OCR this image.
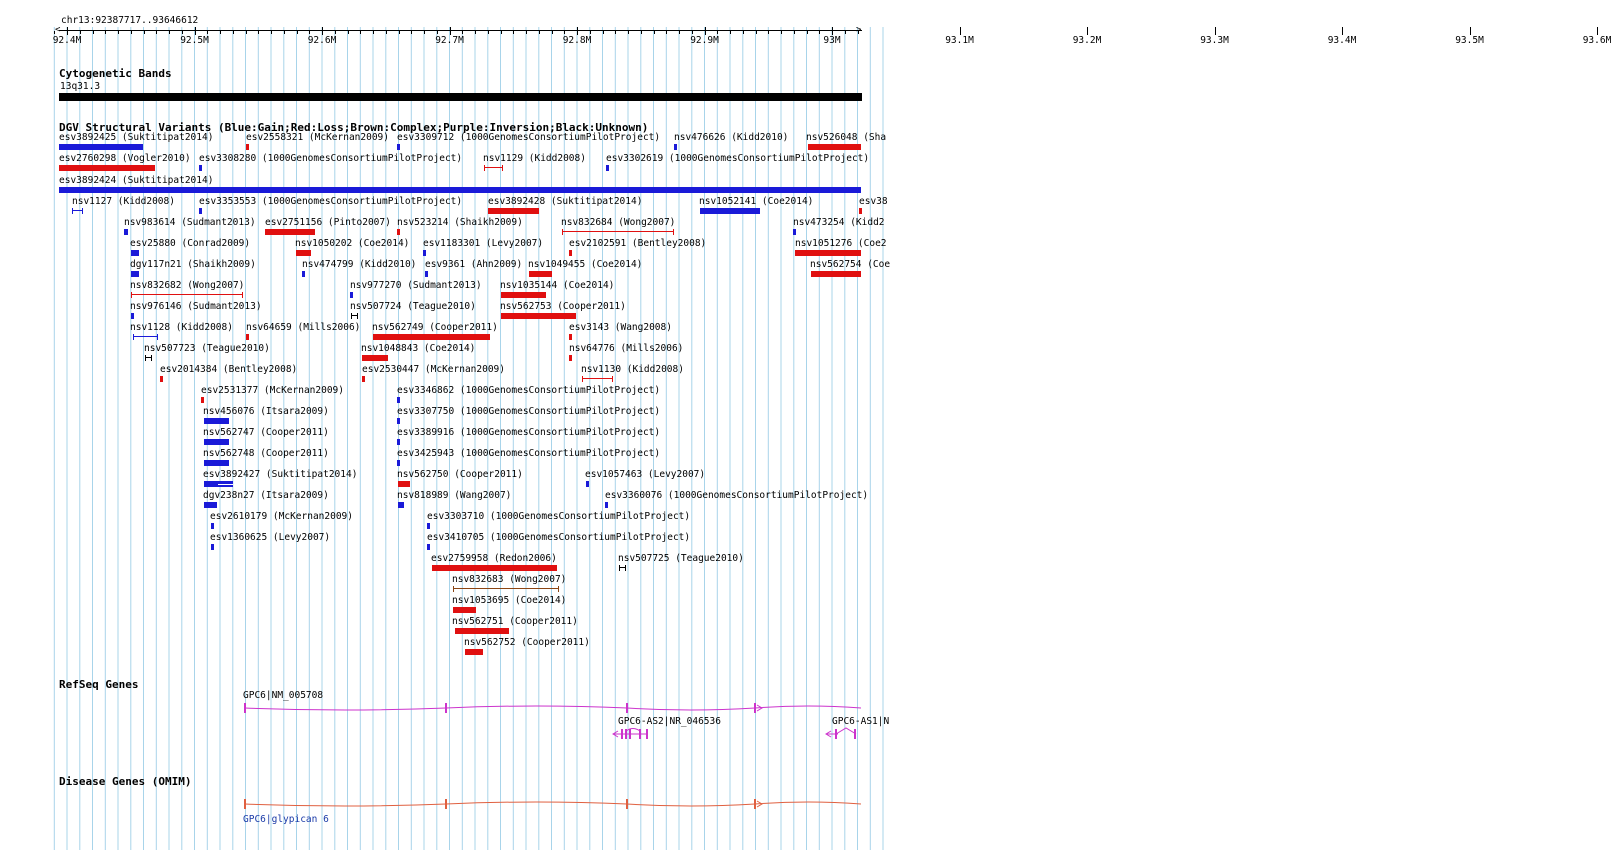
chr13:92387717..93646612
92.4M	92.5M	92.6M	92.7M	92.8M	92.9M	93M	93.1M	93.2M	93.3M	93.4M	93.5M	93.6M
<	>
Cytogenetic Bands
13q31.3
DGV Structural Variants (Blue:Gain;Red:Loss;Brown:Complex;Purple:Inversion;Black:Unknown)
esv3892425 (Suktitipat2014)	esv2558321 (McKernan2009) esv3309712 (1000GenomesConsortiumPilotProject) nsv476626 (Kidd2010) nsv526048 (Sha
esv2760298 (Vogler2010) esv3308280 (1000GenomesConsortiumPilotProject) nsv1129 (Kidd2008) esv3302619 (1000GenomesConsortiumPilotProject)
esv3892424 (Suktitipat2014)
nsv1127 (Kidd2008)	esv3353553 (1000GenomesConsortiumPilotProject)	esv3892428 (Suktitipat2014)	nsv1052141 (Coe2014)	esv38
nsv983614 (Sudmant2013) esv2751156 (Pinto2007) nsv523214 (Shaikh2009)	nsv832684 (Wong2007)	nsv473254 (Kidd2
esv25880 (Conrad2009)	nsv1050202 (Coe2014) esv1183301 (Levy2007)	esv2102591 (Bentley2008)	nsv1051276 (Coe2
dgv117n21 (Shaikh2009)	nsv474799 (Kidd2010) esv9361 (Ahn2009) nsv1049455 (Coe2014)	nsv562754 (Coe
nsv832682 (Wong2007)	nsv977270 (Sudmant2013) nsv1035144 (Coe2014)
nsv976146 (Sudmant2013)	nsv507724 (Teague2010)	nsv562753 (Cooper2011)
nsv1128 (Kidd2008) nsv64659 (Mills2006) nsv562749 (Cooper2011)	esv3143 (Wang2008)
nsv507723 (Teague2010)	nsv1048843 (Coe2014)	nsv64776 (Mills2006)
esv2014384 (Bentley2008)	esv2530447 (McKernan2009)	nsv1130 (Kidd2008)
esv2531377 (McKernan2009)	esv3346862 (1000GenomesConsortiumPilotProject)
nsv456076 (Itsara2009)	esv3307750 (1000GenomesConsortiumPilotProject)
nsv562747 (Cooper2011)	esv3389916 (1000GenomesConsortiumPilotProject)
nsv562748 (Cooper2011)	esv3425943 (1000GenomesConsortiumPilotProject)
esv3892427 (Suktitipat2014)	nsv562750 (Cooper2011)	esv1057463 (Levy2007)
dgv238n27 (Itsara2009)	nsv818989 (Wang2007)	esv3360076 (1000GenomesConsortiumPilotProject)
esv2610179 (McKernan2009)	esv3303710 (1000GenomesConsortiumPilotProject)
esv1360625 (Levy2007)	esv3410705 (1000GenomesConsortiumPilotProject)
esv2759958 (Redon2006)	nsv507725 (Teague2010)
nsv832683 (Wong2007)
nsv1053695 (Coe2014)
nsv562751 (Cooper2011)
nsv562752 (Cooper2011)
RefSeq Genes
Disease Genes (OMIM)
GPC6|NM_005708
GPC6-AS2|NR_046536	GPC6-AS1|N
GPC6|glypican 6
